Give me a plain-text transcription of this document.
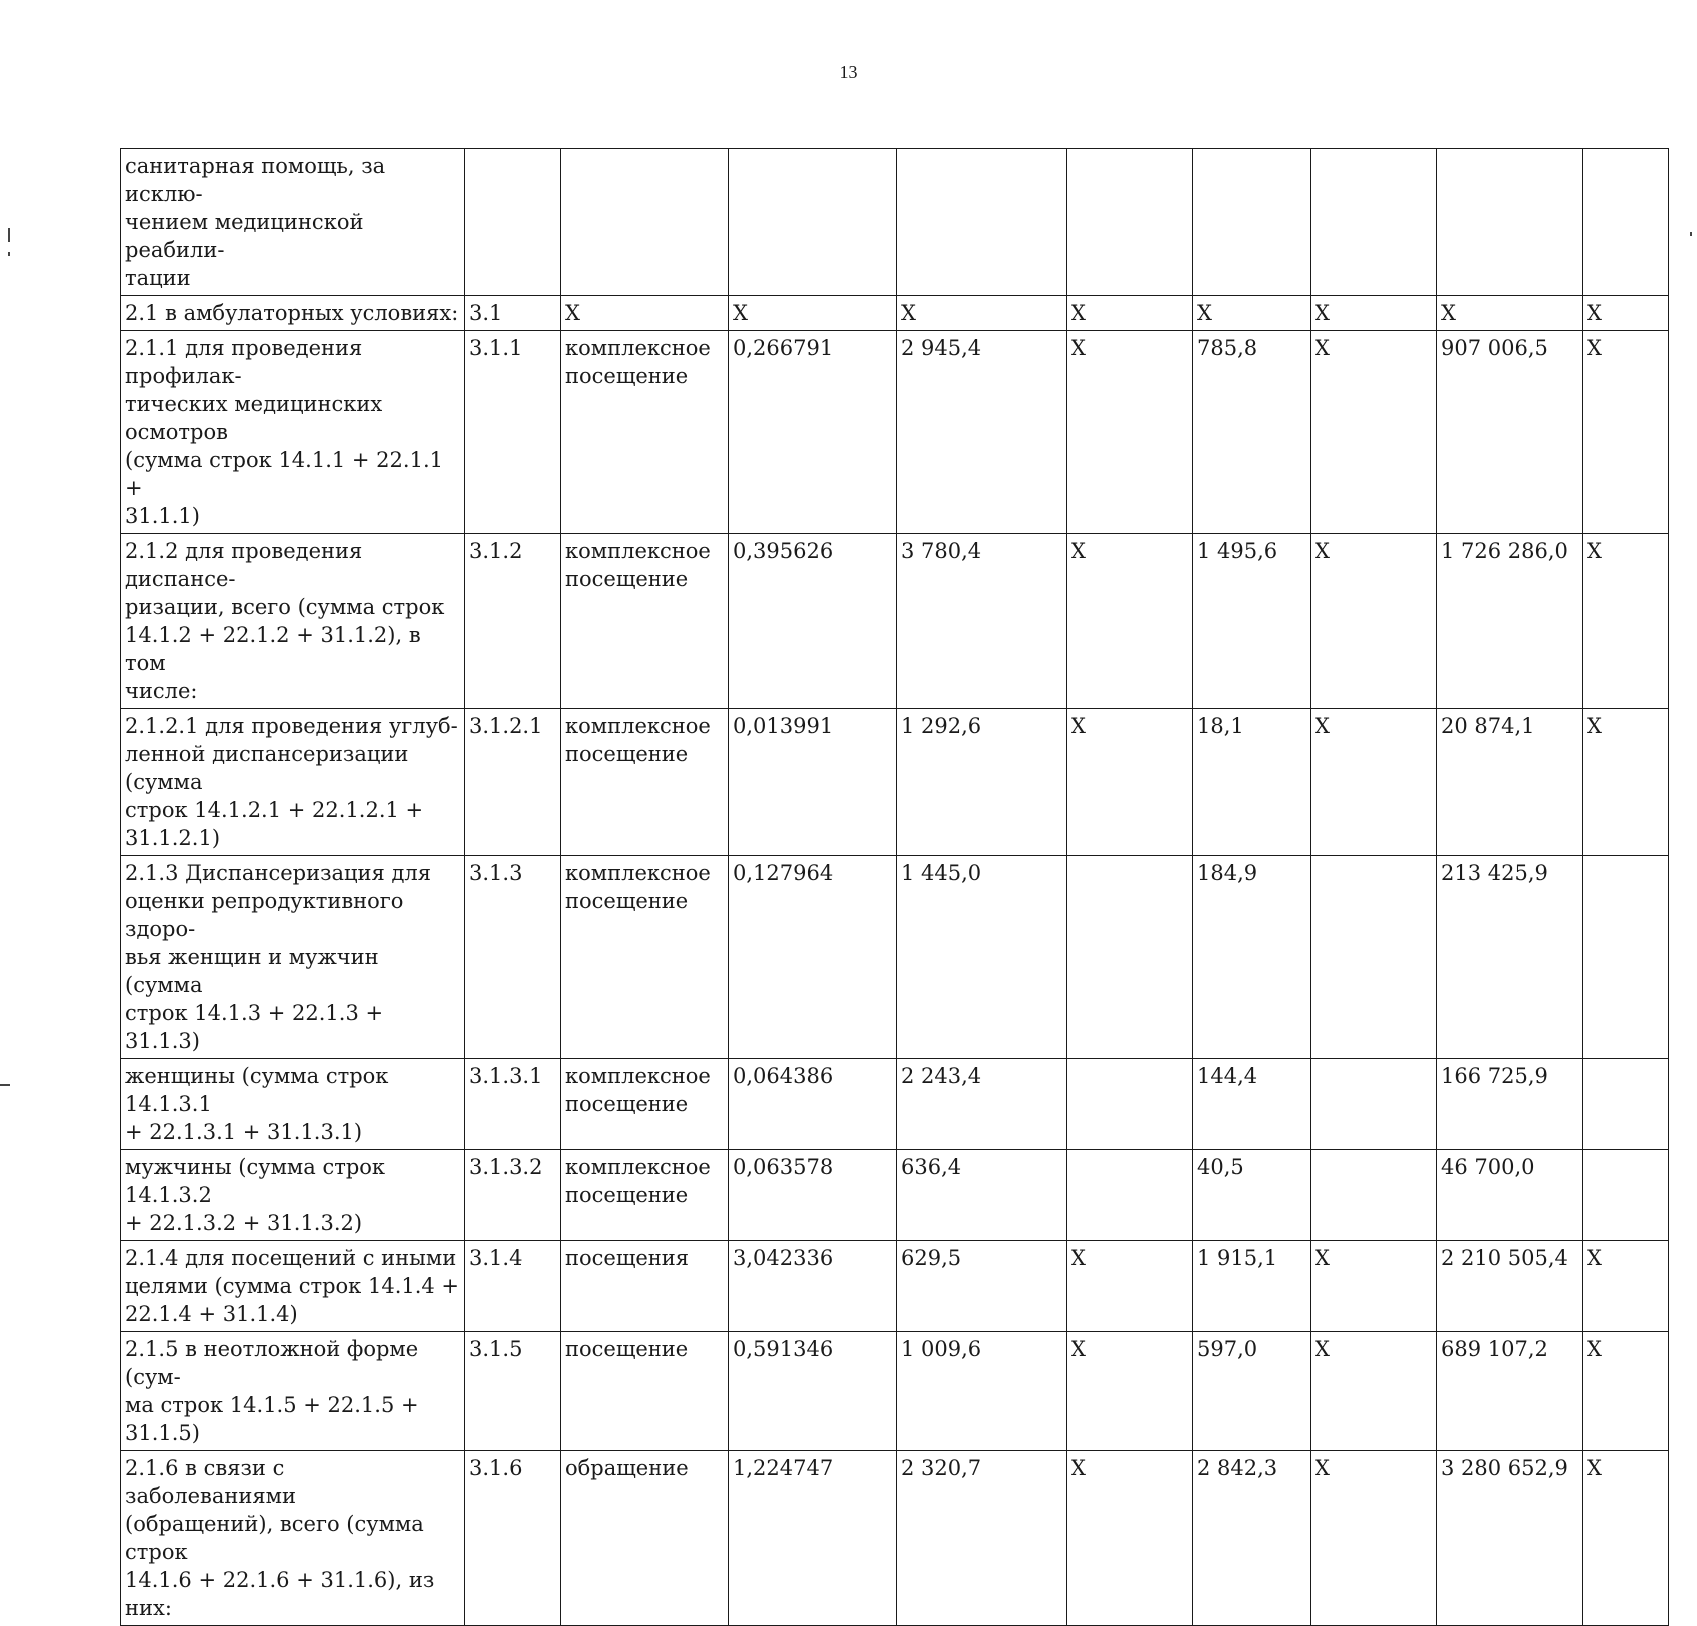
13
санитарная помощь, за исклю-
чением медицинской реабили-
тации									

2.1 в амбулаторных условиях:	3.1	X	X	X	X	X	X	X	X

2.1.1 для проведения профилак-
тических медицинских осмотров
(сумма строк 14.1.1 + 22.1.1 +
31.1.1)	3.1.1	комплексное
посещение	0,266791	2 945,4	X	785,8	X	907 006,5	X

2.1.2 для проведения диспансе-
ризации, всего (сумма строк
14.1.2 + 22.1.2 + 31.1.2), в том
числе:	3.1.2	комплексное
посещение	0,395626	3 780,4	X	1 495,6	X	1 726 286,0	X

2.1.2.1 для проведения углуб-
ленной диспансеризации (сумма
строк 14.1.2.1 + 22.1.2.1 +
31.1.2.1)	3.1.2.1	комплексное
посещение	0,013991	1 292,6	X	18,1	X	20 874,1	X

2.1.3 Диспансеризация для
оценки репродуктивного здоро-
вья женщин и мужчин (сумма
строк 14.1.3 + 22.1.3 + 31.1.3)	3.1.3	комплексное
посещение	0,127964	1 445,0		184,9		213 425,9	

женщины (сумма строк 14.1.3.1
+ 22.1.3.1 + 31.1.3.1)	3.1.3.1	комплексное
посещение	0,064386	2 243,4		144,4		166 725,9	

мужчины (сумма строк 14.1.3.2
+ 22.1.3.2 + 31.1.3.2)	3.1.3.2	комплексное
посещение	0,063578	636,4		40,5		46 700,0	

2.1.4 для посещений с иными
целями (сумма строк 14.1.4 +
22.1.4 + 31.1.4)	3.1.4	посещения	3,042336	629,5	X	1 915,1	X	2 210 505,4	X

2.1.5 в неотложной форме (сум-
ма строк 14.1.5 + 22.1.5 + 31.1.5)	3.1.5	посещение	0,591346	1 009,6	X	597,0	X	689 107,2	X

2.1.6 в связи с заболеваниями
(обращений), всего (сумма строк
14.1.6 + 22.1.6 + 31.1.6), из них:	3.1.6	обращение	1,224747	2 320,7	X	2 842,3	X	3 280 652,9	X
